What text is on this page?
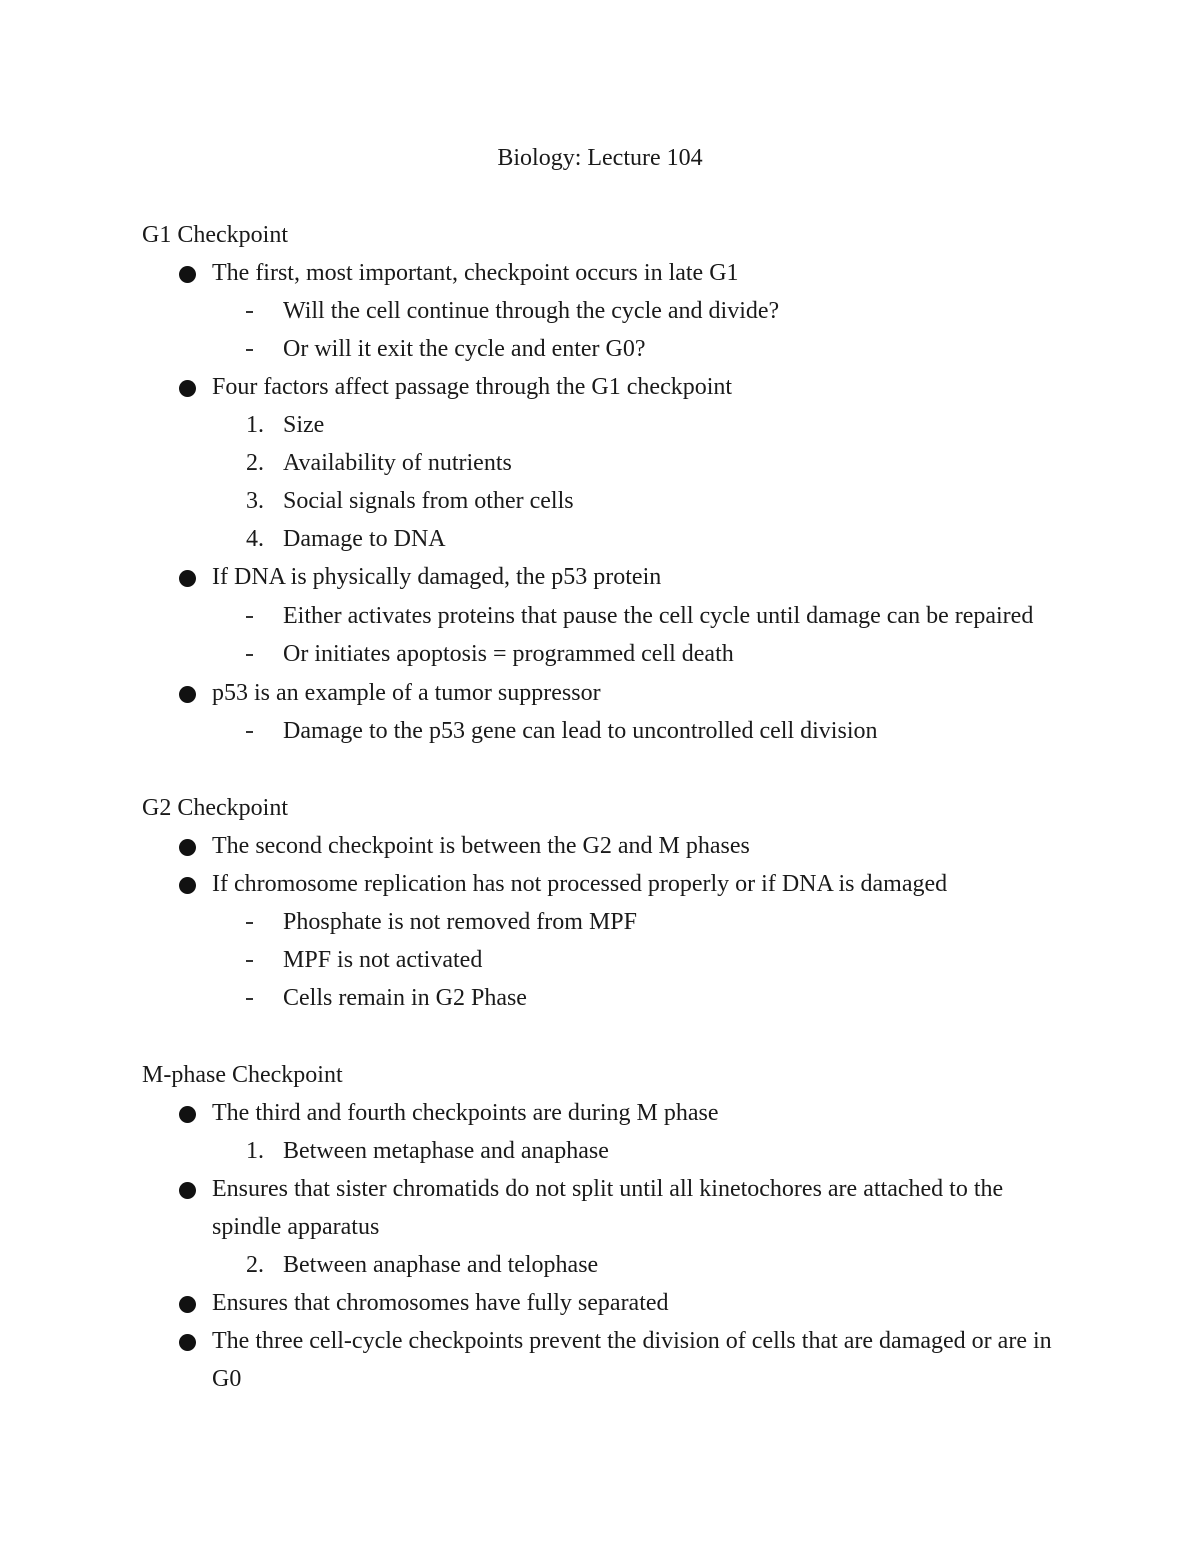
Biology: Lecture 104
G1 Checkpoint
The first, most important, checkpoint occurs in late G1
Will the cell continue through the cycle and divide?
Or will it exit the cycle and enter G0?
Four factors affect passage through the G1 checkpoint
1. Size
2. Availability of nutrients
3. Social signals from other cells
4. Damage to DNA
If DNA is physically damaged, the p53 protein
Either activates proteins that pause the cell cycle until damage can be repaired
Or initiates apoptosis = programmed cell death
p53 is an example of a tumor suppressor
Damage to the p53 gene can lead to uncontrolled cell division
G2 Checkpoint
The second checkpoint is between the G2 and M phases
If chromosome replication has not processed properly or if DNA is damaged
Phosphate is not removed from MPF
MPF is not activated
Cells remain in G2 Phase
M-phase Checkpoint
The third and fourth checkpoints are during M phase
1. Between metaphase and anaphase
Ensures that sister chromatids do not split until all kinetochores are attached to the
spindle apparatus
2. Between anaphase and telophase
Ensures that chromosomes have fully separated
The three cell-cycle checkpoints prevent the division of cells that are damaged or are in
G0
